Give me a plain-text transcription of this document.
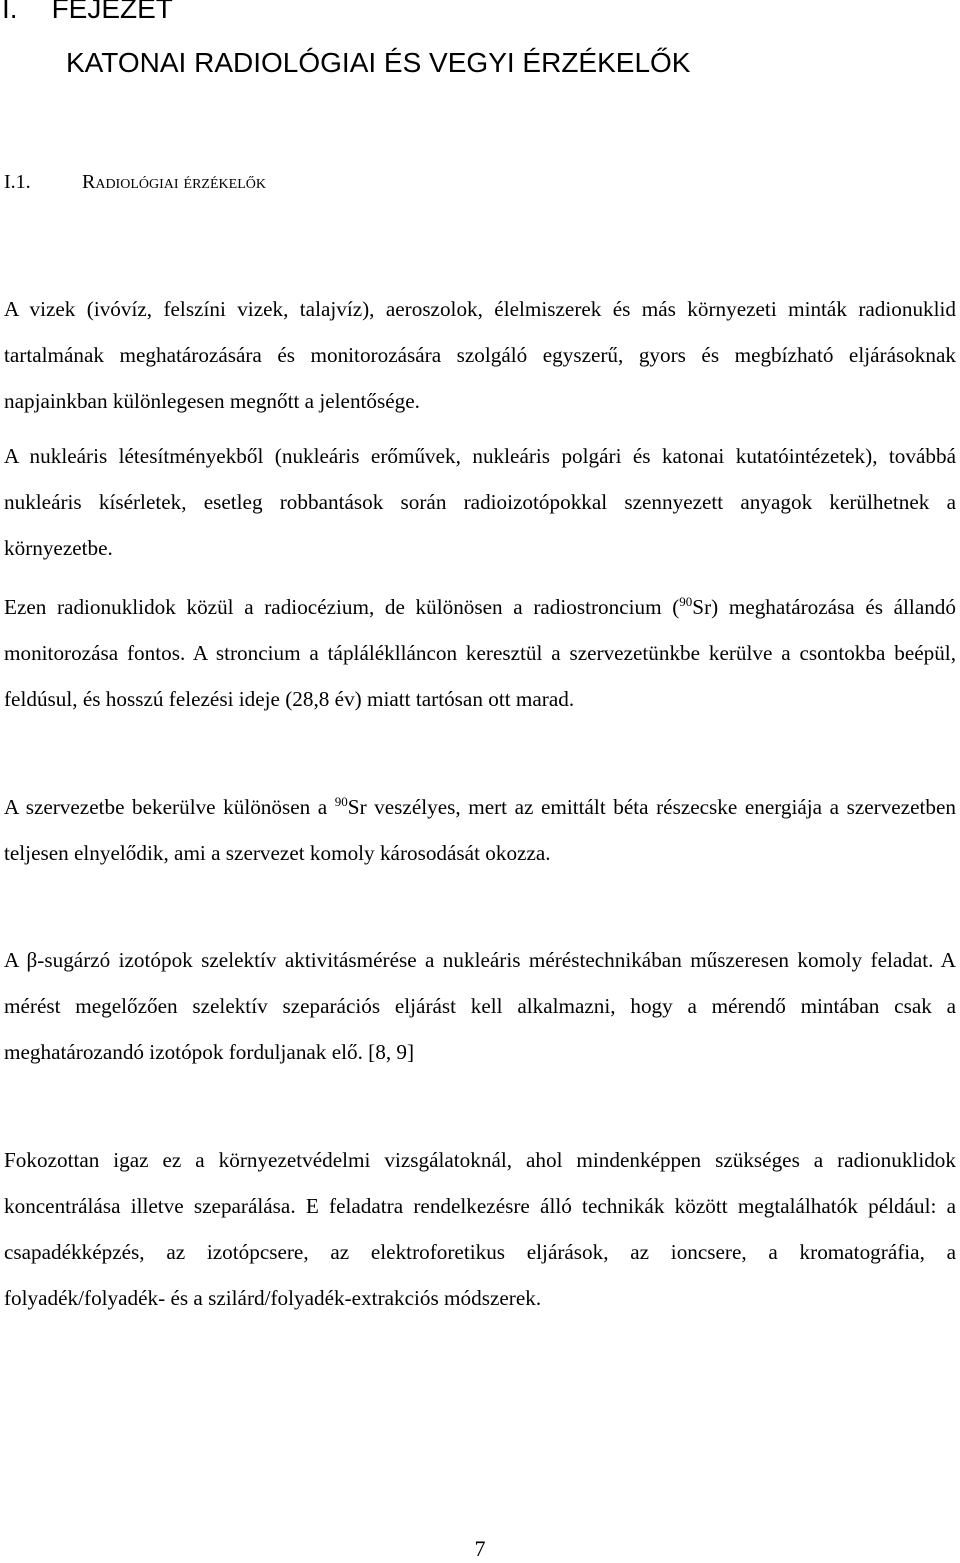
I. FEJEZET
KATONAI RADIOLÓGIAI ÉS VEGYI ÉRZÉKELŐK
I.1.	Radiológiai érzékelők

A vizek (ivóvíz, felszíni vizek, talajvíz), aeroszolok, élelmiszerek és más környezeti minták radionuklid tartalmának meghatározására és monitorozására szolgáló egyszerű, gyors és megbízható eljárásoknak napjainkban különlegesen megnőtt a jelentősége.

A nukleáris létesítményekből (nukleáris erőművek, nukleáris polgári és katonai kutatóintézetek), továbbá nukleáris kísérletek, esetleg robbantások során radioizotópokkal szennyezett anyagok kerülhetnek a környezetbe.

Ezen radionuklidok közül a radiocézium, de különösen a radiostroncium ($^{90}$Sr) meghatározása és állandó monitorozása fontos. A stroncium a tápláléklláncon keresztül a szervezetünkbe kerülve a csontokba beépül, feldúsul, és hosszú felezési ideje (28,8 év) miatt tartósan ott marad.

A szervezetbe bekerülve különösen a $^{90}$Sr veszélyes, mert az emittált béta részecske energiája a szervezetben teljesen elnyelődik, ami a szervezet komoly károsodását okozza.

A β-sugárzó izotópok szelektív aktivitásmérése a nukleáris méréstechnikában műszeresen komoly feladat. A mérést megelőzően szelektív szeparációs eljárást kell alkalmazni, hogy a mérendő mintában csak a meghatározandó izotópok forduljanak elő. [8, 9]

Fokozottan igaz ez a környezetvédelmi vizsgálatoknál, ahol mindenképpen szükséges a radionuklidok koncentrálása illetve szeparálása. E feladatra rendelkezésre álló technikák között megtalálhatók például: a csapadékképzés, az izotópcsere, az elektroforetikus eljárások, az ioncsere, a kromatográfia, a folyadék/folyadék- és a szilárd/folyadék-extrakciós módszerek.

7
